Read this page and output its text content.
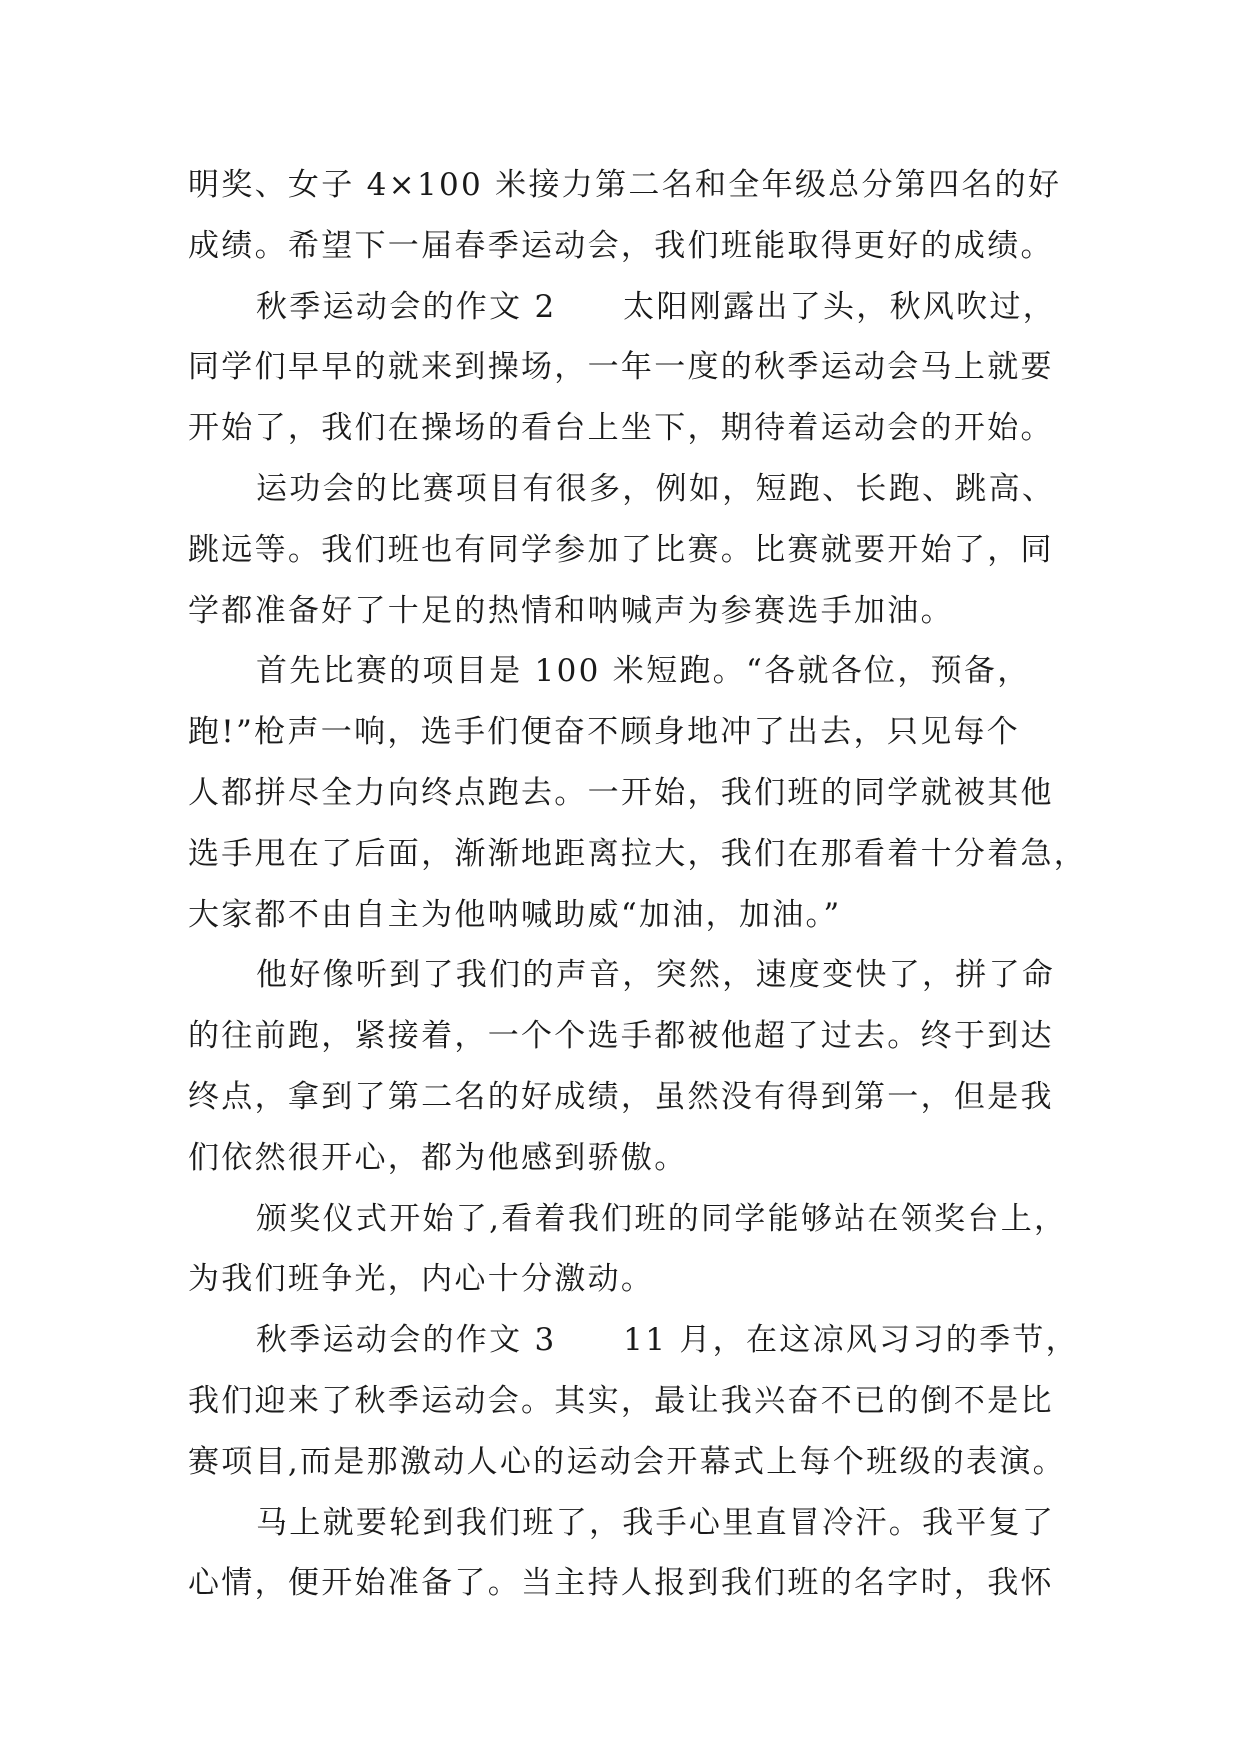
明奖、女子 4×100 米接力第二名和全年级总分第四名的好
成绩。希望下一届春季运动会，我们班能取得更好的成绩。
秋季运动会的作文 2　　太阳刚露出了头，秋风吹过，
同学们早早的就来到操场，一年一度的秋季运动会马上就要
开始了，我们在操场的看台上坐下，期待着运动会的开始。
运功会的比赛项目有很多，例如，短跑、长跑、跳高、
跳远等。我们班也有同学参加了比赛。比赛就要开始了，同
学都准备好了十足的热情和呐喊声为参赛选手加油。
首先比赛的项目是 100 米短跑。“各就各位，预备，
跑!”枪声一响，选手们便奋不顾身地冲了出去，只见每个
人都拼尽全力向终点跑去。一开始，我们班的同学就被其他
选手甩在了后面，渐渐地距离拉大，我们在那看着十分着急，
大家都不由自主为他呐喊助威“加油，加油。”
他好像听到了我们的声音，突然，速度变快了，拼了命
的往前跑，紧接着，一个个选手都被他超了过去。终于到达
终点，拿到了第二名的好成绩，虽然没有得到第一，但是我
们依然很开心，都为他感到骄傲。
颁奖仪式开始了,看着我们班的同学能够站在领奖台上，
为我们班争光，内心十分激动。
秋季运动会的作文 3　　11 月，在这凉风习习的季节，
我们迎来了秋季运动会。其实，最让我兴奋不已的倒不是比
赛项目,而是那激动人心的运动会开幕式上每个班级的表演。
马上就要轮到我们班了，我手心里直冒冷汗。我平复了
心情，便开始准备了。当主持人报到我们班的名字时，我怀
